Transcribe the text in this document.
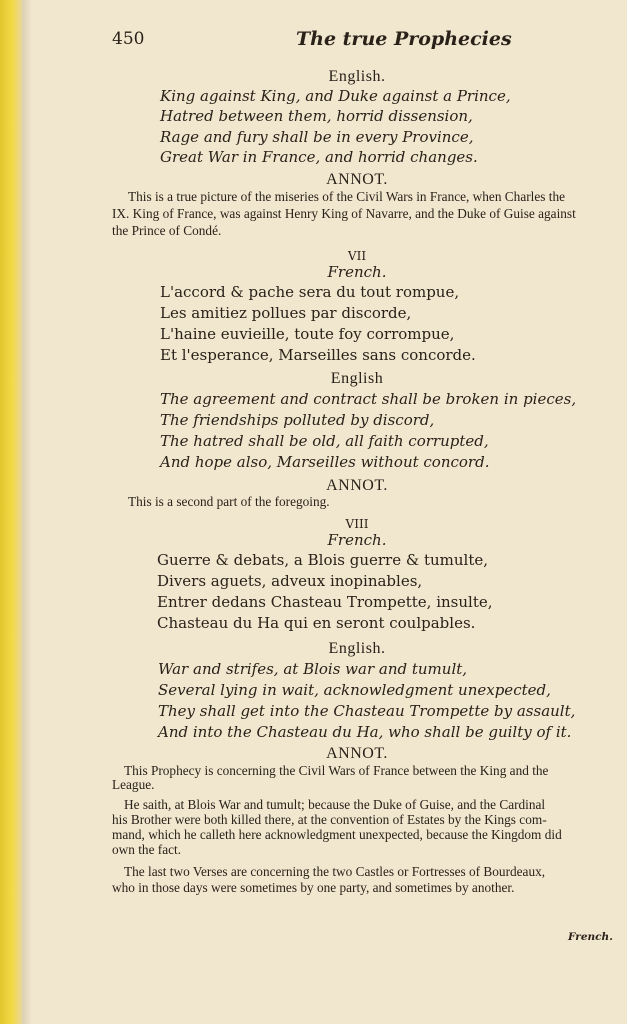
450	The true Prophecies
English.
King against King, and Duke against a Prince,
Hatred between them, horrid dissension,
Rage and fury shall be in every Province,
Great War in France, and horrid changes.
ANNOT.
This is a true picture of the miseries of the Civil Wars in France, when Charles the
IX. King of France, was against Henry King of Navarre, and the Duke of Guise against
the Prince of Condé.
VII
French.
L'accord & pache sera du tout rompue,
Les amitiez pollues par discorde,
L'haine euvieille, toute foy corrompue,
Et l'esperance, Marseilles sans concorde.
English
The agreement and contract shall be broken in pieces,
The friendships polluted by discord,
The hatred shall be old, all faith corrupted,
And hope also, Marseilles without concord.
ANNOT.
This is a second part of the foregoing.
VIII
French.
Guerre & debats, a Blois guerre & tumulte,
Divers aguets, adveux inopinables,
Entrer dedans Chasteau Trompette, insulte,
Chasteau du Ha qui en seront coulpables.
English.
War and strifes, at Blois war and tumult,
Several lying in wait, acknowledgment unexpected,
They shall get into the Chasteau Trompette by assault,
And into the Chasteau du Ha, who shall be guilty of it.
ANNOT.
This Prophecy is concerning the Civil Wars of France between the King and the
League.
He saith, at Blois War and tumult; because the Duke of Guise, and the Cardinal
his Brother were both killed there, at the convention of Estates by the Kings com-
mand, which he calleth here acknowledgment unexpected, because the Kingdom did
own the fact.
The last two Verses are concerning the two Castles or Fortresses of Bourdeaux,
who in those days were sometimes by one party, and sometimes by another.
French.
